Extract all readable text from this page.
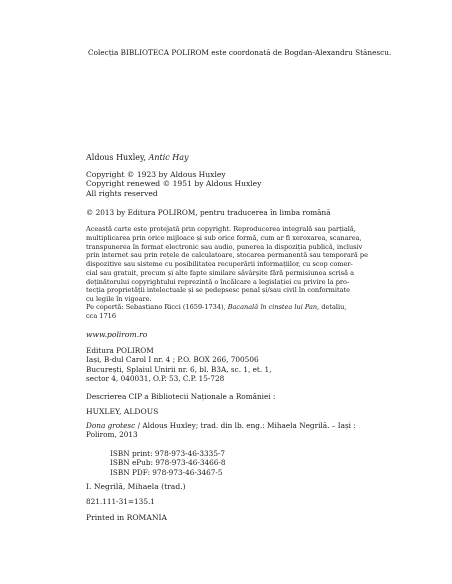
Colecția BIBLIOTECA POLIROM este coordonată de Bogdan-Alexandru Stănescu.

Aldous Huxley, Antic Hay

Copyright © 1923 by Aldous Huxley
Copyright renewed © 1951 by Aldous Huxley
All rights reserved

© 2013 by Editura POLIROM, pentru traducerea în limba română

Această carte este protejată prin copyright. Reproducerea integrală sau parțială,
multiplicarea prin orice mijloace și sub orice formă, cum ar fi xeroxarea, scanarea,
transpunerea în format electronic sau audio, punerea la dispoziția publică, inclusiv
prin internet sau prin rețele de calculatoare, stocarea permanentă sau temporară pe
dispozitive sau sisteme cu posibilitatea recuperării informațiilor, cu scop comer-
cial sau gratuit, precum și alte fapte similare săvârșite fără permisiunea scrisă a
deținătorului copyrightului reprezintă o încălcare a legislației cu privire la pro-
tecția proprietății intelectuale și se pedepsesc penal și/sau civil în conformitate
cu legile în vigoare.
Pe copertă: Sebastiano Ricci (1659-1734), Bacanală în cinstea lui Pan, detaliu,
cca 1716

www.polirom.ro

Editura POLIROM
Iași, B-dul Carol I nr. 4 ; P.O. BOX 266, 700506
București, Splaiul Unirii nr. 6, bl. B3A, sc. 1, et. 1,
sector 4, 040031, O.P. 53, C.P. 15-728

Descrierea CIP a Bibliotecii Naționale a României :

HUXLEY, ALDOUS

Dona grotesc / Aldous Huxley; trad. din lb. eng.: Mihaela Negrilă. – Iași :
Polirom, 2013
ISBN print: 978-973-46-3335-7
ISBN ePub: 978-973-46-3466-8
ISBN PDF: 978-973-46-3467-5

I. Negrilă, Mihaela (trad.)

821.111-31=135.1

Printed in ROMANIA
